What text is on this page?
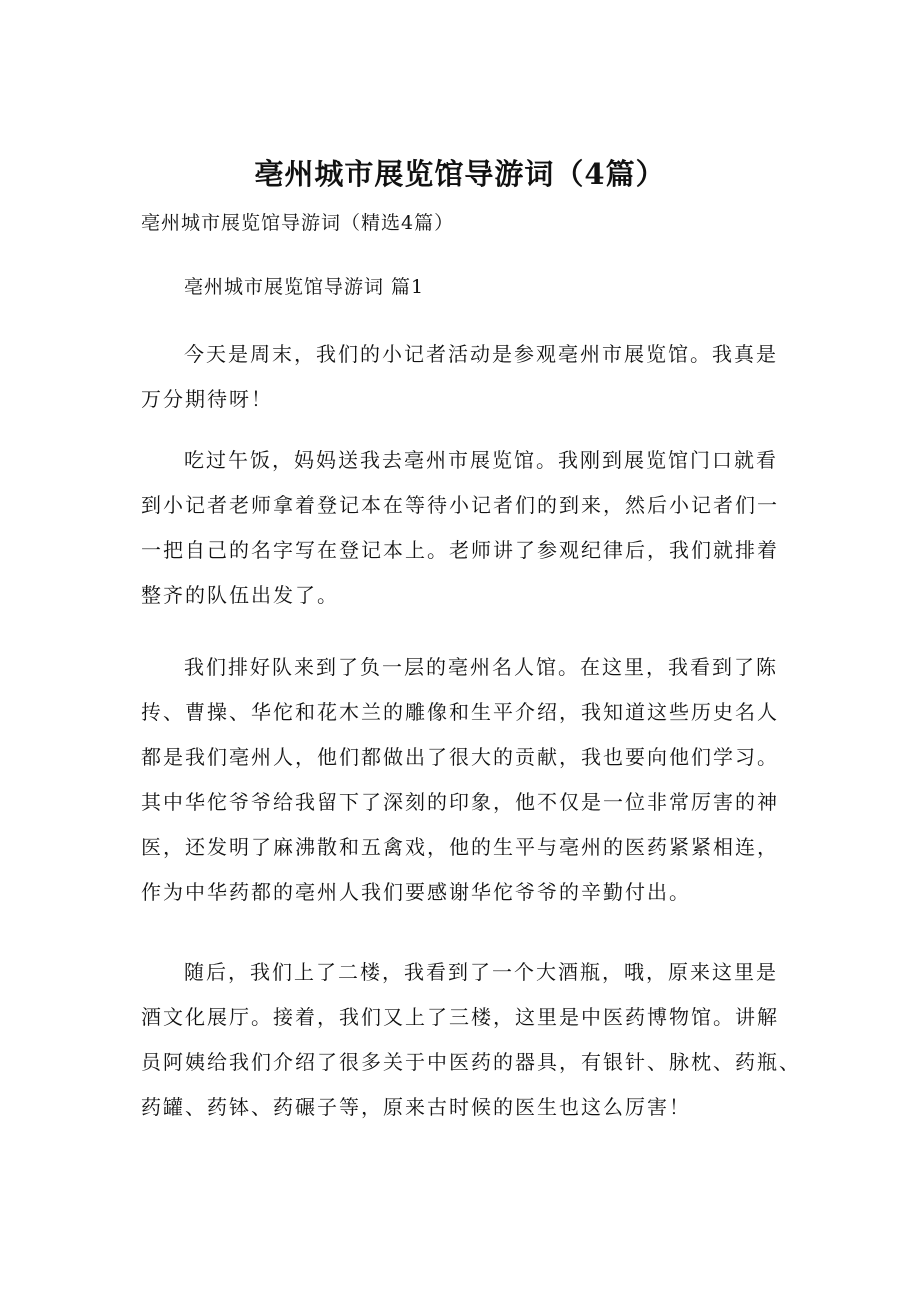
亳州城市展览馆导游词（4篇）

亳州城市展览馆导游词（精选4篇）

亳州城市展览馆导游词 篇1

今天是周末，我们的小记者活动是参观亳州市展览馆。我真是
万分期待呀！
吃过午饭，妈妈送我去亳州市展览馆。我刚到展览馆门口就看
到小记者老师拿着登记本在等待小记者们的到来，然后小记者们一
一把自己的名字写在登记本上。老师讲了参观纪律后，我们就排着
整齐的队伍出发了。
我们排好队来到了负一层的亳州名人馆。在这里，我看到了陈
抟、曹操、华佗和花木兰的雕像和生平介绍，我知道这些历史名人
都是我们亳州人，他们都做出了很大的贡献，我也要向他们学习。
其中华佗爷爷给我留下了深刻的印象，他不仅是一位非常厉害的神
医，还发明了麻沸散和五禽戏，他的生平与亳州的医药紧紧相连，
作为中华药都的亳州人我们要感谢华佗爷爷的辛勤付出。
随后，我们上了二楼，我看到了一个大酒瓶，哦，原来这里是
酒文化展厅。接着，我们又上了三楼，这里是中医药博物馆。讲解
员阿姨给我们介绍了很多关于中医药的器具，有银针、脉枕、药瓶、
药罐、药钵、药碾子等，原来古时候的医生也这么厉害！
